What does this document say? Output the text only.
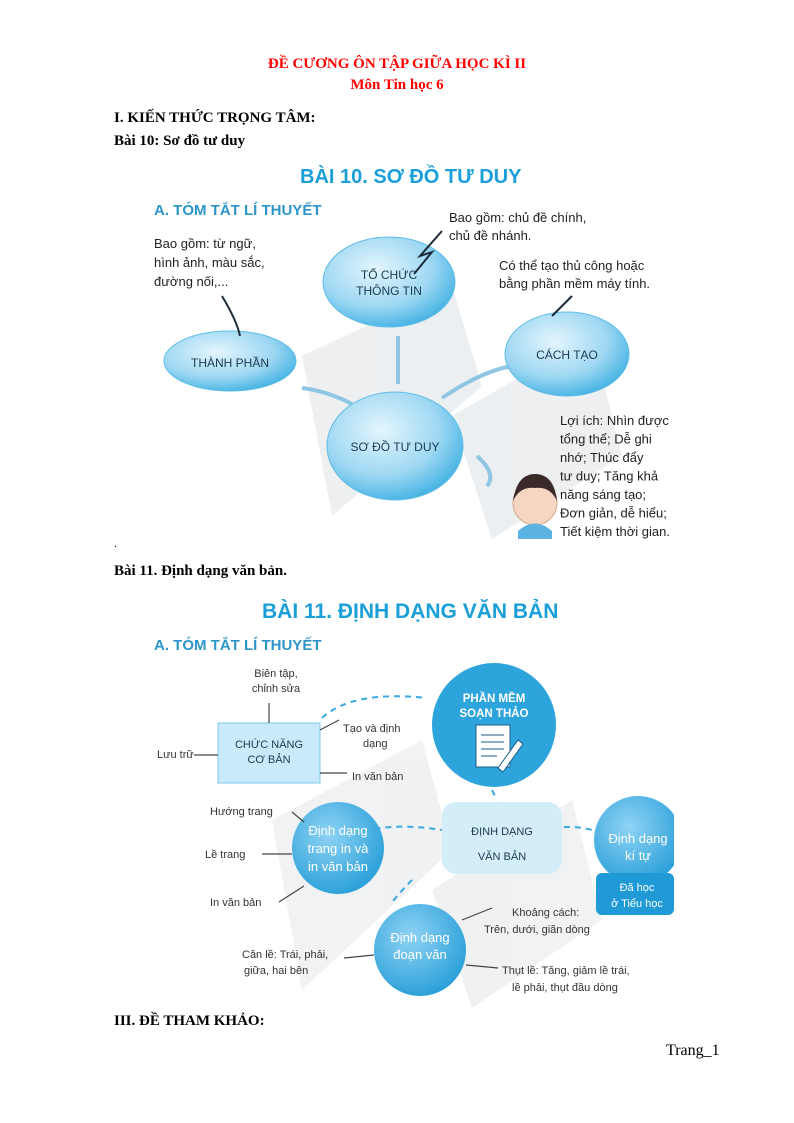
ĐỀ CƯƠNG ÔN TẬP GIỮA HỌC KÌ II
Môn Tin học 6
I. KIẾN THỨC TRỌNG TÂM:
Bài 10: Sơ đồ tư duy
BÀI 10. SƠ ĐỒ TƯ DUY
A. TÓM TẮT LÍ THUYẾT
THÀNH PHẦN
TỔ CHỨC
THÔNG TIN
CÁCH TẠO
SƠ ĐỒ TƯ DUY
Bao gồm: từ ngữ,
hình ảnh, màu sắc,
đường nối,...
Bao gồm: chủ đề chính,
chủ đề nhánh.
Có thể tạo thủ công hoặc
bằng phần mềm máy tính.
Lợi ích: Nhìn được
tổng thể; Dễ ghi
nhớ; Thúc đẩy
tư duy; Tăng khả
năng sáng tạo;
Đơn giản, dễ hiểu;
Tiết kiệm thời gian.
.
Bài 11. Định dạng văn bản.
BÀI 11. ĐỊNH DẠNG VĂN BẢN
A. TÓM TẮT LÍ THUYẾT
PHẦN MỀM
SOẠN THẢO
CHỨC NĂNG
CƠ BẢN
Biên tập,
chỉnh sửa
Tạo và định
dạng
Lưu trữ
In văn bản
ĐỊNH DẠNG
VĂN BẢN
Định dạng
trang in và
in văn bản
Hướng trang
Lề trang
In văn bản
Định dạng
kí tự
Đã học
ở Tiểu học
Định dạng
đoạn văn
Khoảng cách:
Trên, dưới, giãn dòng
Căn lề: Trái, phải,
giữa, hai bên	Thụt lề: Tăng, giảm lề trái,
lề phải, thụt đầu dòng
III. ĐỀ THAM KHẢO:
Trang_1
